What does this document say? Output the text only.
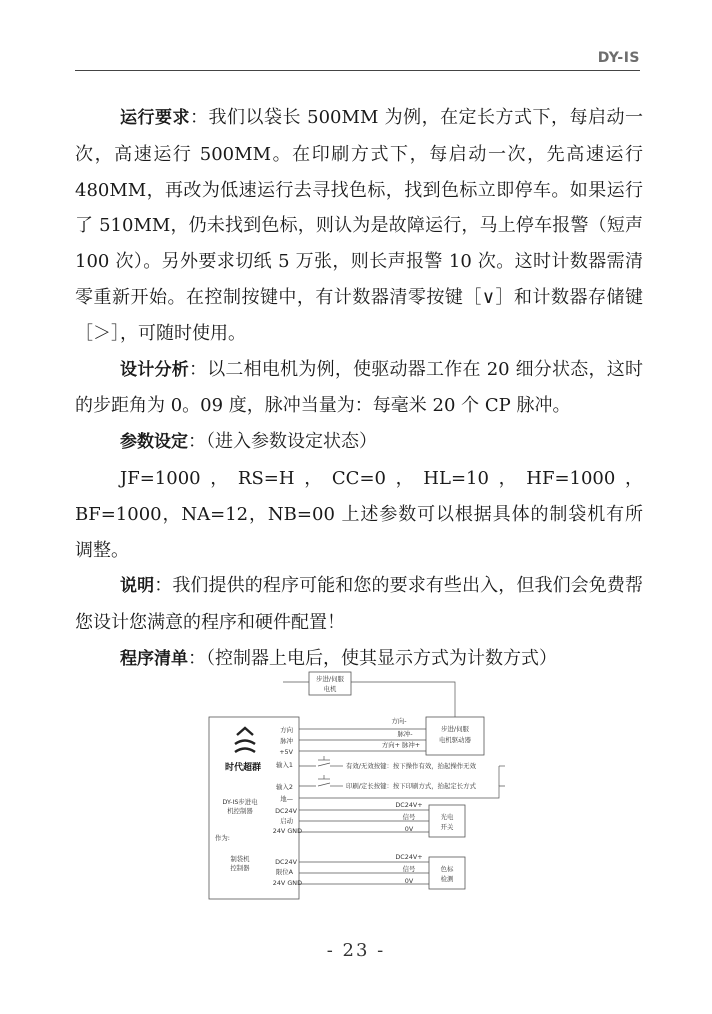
DY-IS

运行要求：我们以袋长 500MM 为例，在定长方式下，每启动一次，高速运行 500MM。在印刷方式下，每启动一次，先高速运行 480MM，再改为低速运行去寻找色标，找到色标立即停车。如果运行了 510MM，仍未找到色标，则认为是故障运行，马上停车报警（短声 100 次）。另外要求切纸 5 万张，则长声报警 10 次。这时计数器需清零重新开始。在控制按键中，有计数器清零按键［∨］和计数器存储键［＞］，可随时使用。

设计分析：以二相电机为例，使驱动器工作在 20 细分状态，这时的步距角为 0。09 度，脉冲当量为：每毫米 20 个 CP 脉冲。

参数设定：（进入参数设定状态）

JF=1000，RS=H，CC=0，HL=10，HF=1000，BF=1000，NA=12，NB=00 上述参数可以根据具体的制袋机有所调整。

说明：我们提供的程序可能和您的要求有些出入，但我们会免费帮您设计您满意的程序和硬件配置！

程序清单：（控制器上电后，使其显示方式为计数方式）

步进/伺服
电机
时代超群
DY-IS步进电
机控制器
作为:
制袋机
控制器
方向
脉冲
+5V
输入1
输入2
地—
DC24V
启动
24V GND
DC24V
限位A
24V GND
步进/伺服
电机驱动器
方向-
脉冲-
方向+ 脉冲+
有效/无效按键：按下操作有效，抬起操作无效
印刷/定长按键：按下印刷方式，抬起定长方式
光电
开关
DC24V+
信号
0V
色标
检测
DC24V+
信号
0V
- 23 -
